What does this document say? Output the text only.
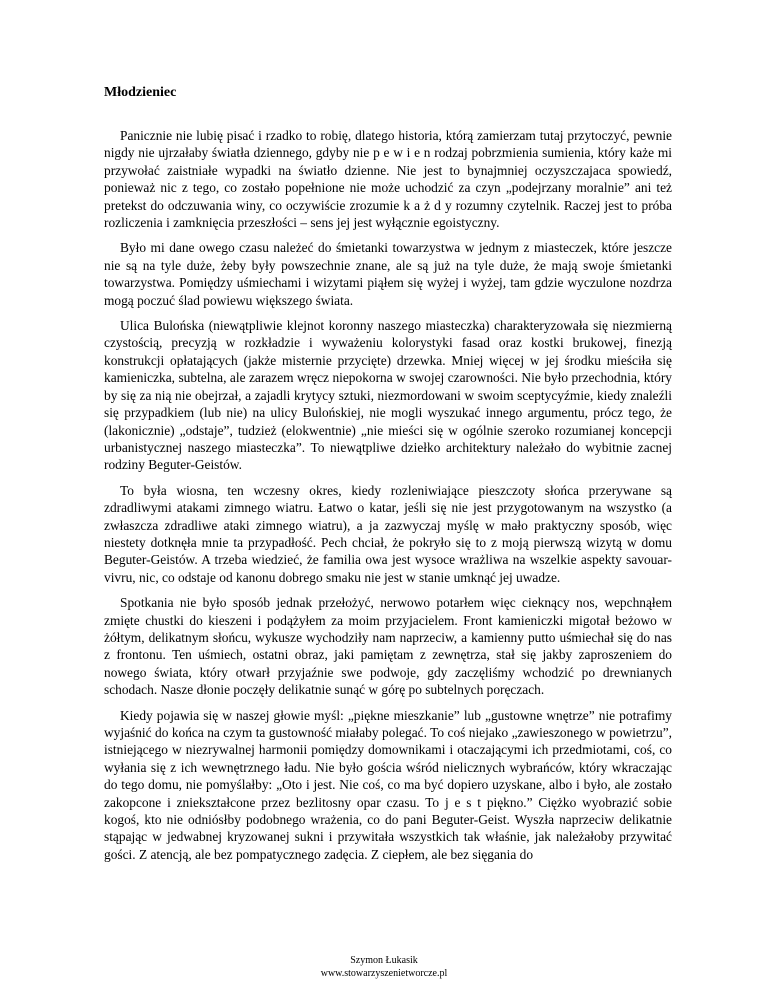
Młodzieniec

Panicznie nie lubię pisać i rzadko to robię, dlatego historia, którą zamierzam tutaj przytoczyć, pewnie nigdy nie ujrzałaby światła dziennego, gdyby nie p e w i e n rodzaj pobrzmienia sumienia, który każe mi przywołać zaistniałe wypadki na światło dzienne. Nie jest to bynajmniej oczyszczajaca spowiedź, ponieważ nic z tego, co zostało popełnione nie może uchodzić za czyn „podejrzany moralnie” ani też pretekst do odczuwania winy, co oczywiście zrozumie k a ż d y rozumny czytelnik. Raczej jest to próba rozliczenia i zamknięcia przeszłości – sens jej jest wyłącznie egoistyczny.

Było mi dane owego czasu należeć do śmietanki towarzystwa w jednym z miasteczek, które jeszcze nie są na tyle duże, żeby były powszechnie znane, ale są już na tyle duże, że mają swoje śmietanki towarzystwa. Pomiędzy uśmiechami i wizytami piąłem się wyżej i wyżej, tam gdzie wyczulone nozdrza mogą poczuć ślad powiewu większego świata.

Ulica Bulońska (niewątpliwie klejnot koronny naszego miasteczka) charakteryzowała się niezmierną czystością, precyzją w rozkładzie i wyważeniu kolorystyki fasad oraz kostki brukowej, finezją konstrukcji opłatających (jakże misternie przycięte) drzewka. Mniej więcej w jej środku mieściła się kamieniczka, subtelna, ale zarazem wręcz niepokorna w swojej czarowności. Nie było przechodnia, który by się za nią nie obejrzał, a zajadli krytycy sztuki, niezmordowani w swoim sceptycyźmie, kiedy znaleźli się przypadkiem (lub nie) na ulicy Bulońskiej, nie mogli wyszukać innego argumentu, prócz tego, że (lakonicznie) „odstaje”, tudzież (elokwentnie) „nie mieści się w ogólnie szeroko rozumianej koncepcji urbanistycznej naszego miasteczka”. To niewątpliwe dziełko architektury należało do wybitnie zacnej rodziny Beguter-Geistów.

To była wiosna, ten wczesny okres, kiedy rozleniwiające pieszczoty słońca przerywane są zdradliwymi atakami zimnego wiatru. Łatwo o katar, jeśli się nie jest przygotowanym na wszystko (a zwłaszcza zdradliwe ataki zimnego wiatru), a ja zazwyczaj myślę w mało praktyczny sposób, więc niestety dotknęła mnie ta przypadłość. Pech chciał, że pokryło się to z moją pierwszą wizytą w domu Beguter-Geistów. A trzeba wiedzieć, że familia owa jest wysoce wrażliwa na wszelkie aspekty savouar-vivru, nic, co odstaje od kanonu dobrego smaku nie jest w stanie umknąć jej uwadze.

Spotkania nie było sposób jednak przełożyć, nerwowo potarłem więc cieknący nos, wepchnąłem zmięte chustki do kieszeni i podążyłem za moim przyjacielem. Front kamieniczki migotał beżowo w żółtym, delikatnym słońcu, wykusze wychodziły nam naprzeciw, a kamienny putto uśmiechał się do nas z frontonu. Ten uśmiech, ostatni obraz, jaki pamiętam z zewnętrza, stał się jakby zaproszeniem do nowego świata, który otwarł przyjaźnie swe podwoje, gdy zaczęliśmy wchodzić po drewnianych schodach. Nasze dłonie poczęły delikatnie sunąć w górę po subtelnych poręczach.

Kiedy pojawia się w naszej głowie myśl: „piękne mieszkanie” lub „gustowne wnętrze” nie potrafimy wyjaśnić do końca na czym ta gustowność miałaby polegać. To coś niejako „zawieszonego w powietrzu”, istniejącego w niezrywalnej harmonii pomiędzy domownikami i otaczającymi ich przedmiotami, coś, co wyłania się z ich wewnętrznego ładu. Nie było gościa wśród nielicznych wybrańców, który wkraczając do tego domu, nie pomyślałby: „Oto i jest. Nie coś, co ma być dopiero uzyskane, albo i było, ale zostało zakopcone i zniekształcone przez bezlitosny opar czasu. To j e s t piękno.” Ciężko wyobrazić sobie kogoś, kto nie odniósłby podobnego wrażenia, co do pani Beguter-Geist. Wyszła naprzeciw delikatnie stąpając w jedwabnej kryzowanej sukni i przywitała wszystkich tak właśnie, jak należałoby przywitać gości. Z atencją, ale bez pompatycznego zadęcia. Z ciepłem, ale bez sięgania do

Szymon Łukasik
www.stowarzyszenietworcze.pl
